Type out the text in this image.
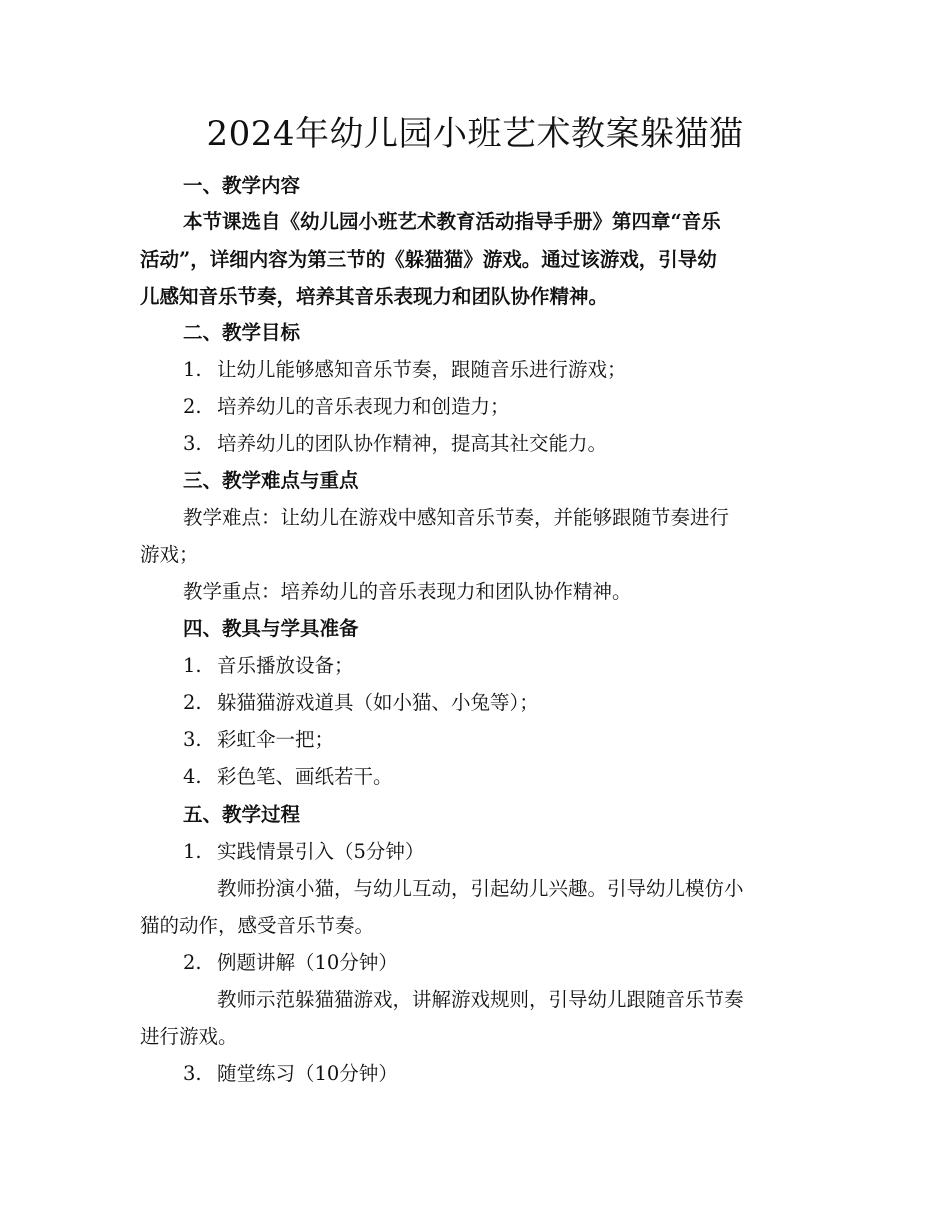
2024年幼儿园小班艺术教案躲猫猫
一、教学内容
本节课选自《幼儿园小班艺术教育活动指导手册》第四章“音乐
活动”，详细内容为第三节的《躲猫猫》游戏。通过该游戏，引导幼
儿感知音乐节奏，培养其音乐表现力和团队协作精神。
二、教学目标
1. 让幼儿能够感知音乐节奏，跟随音乐进行游戏；
2. 培养幼儿的音乐表现力和创造力；
3. 培养幼儿的团队协作精神，提高其社交能力。
三、教学难点与重点
教学难点：让幼儿在游戏中感知音乐节奏，并能够跟随节奏进行
游戏；
教学重点：培养幼儿的音乐表现力和团队协作精神。
四、教具与学具准备
1. 音乐播放设备；
2. 躲猫猫游戏道具（如小猫、小兔等）；
3. 彩虹伞一把；
4. 彩色笔、画纸若干。
五、教学过程
1. 实践情景引入（5分钟）
教师扮演小猫，与幼儿互动，引起幼儿兴趣。引导幼儿模仿小
猫的动作，感受音乐节奏。
2. 例题讲解（10分钟）
教师示范躲猫猫游戏，讲解游戏规则，引导幼儿跟随音乐节奏
进行游戏。
3. 随堂练习（10分钟）
